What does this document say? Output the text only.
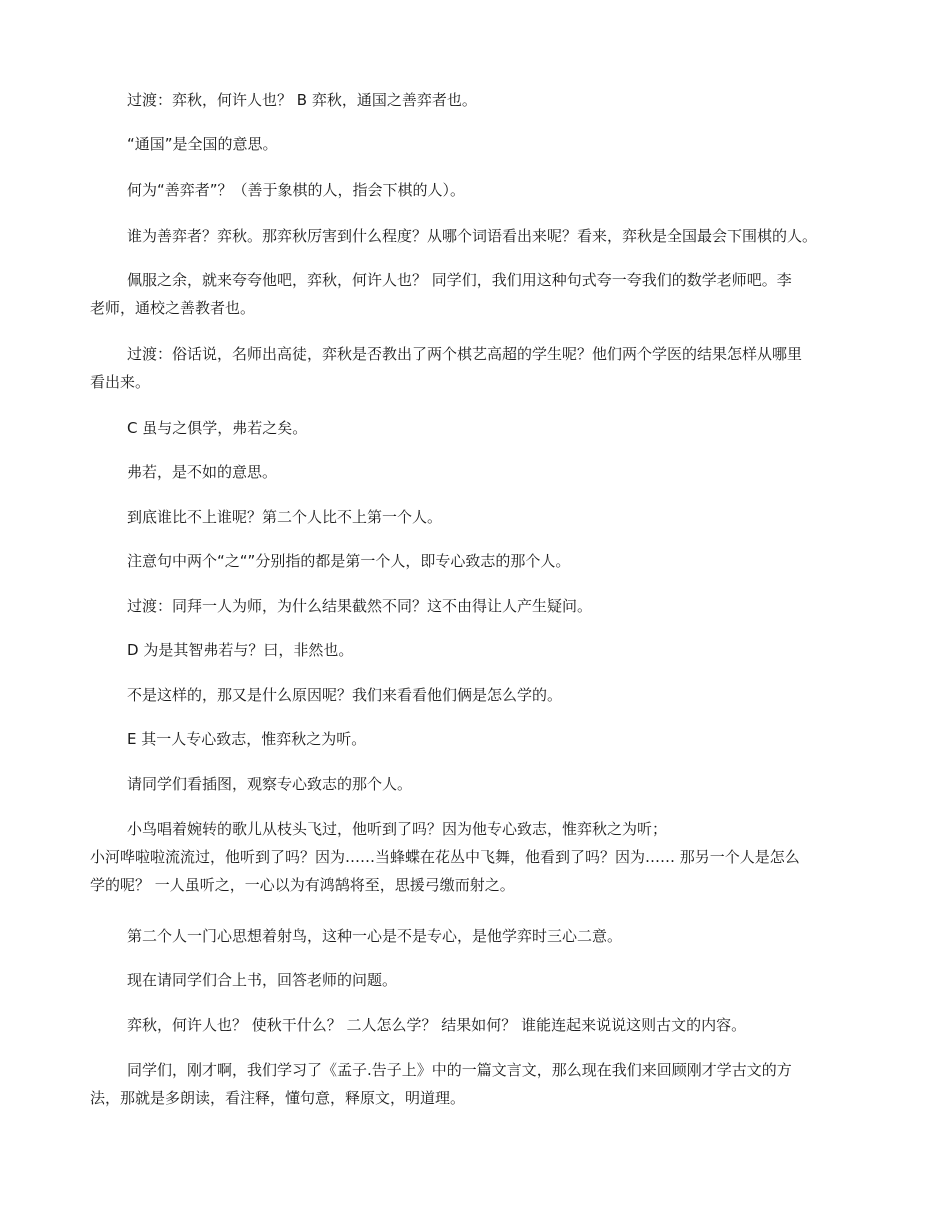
过渡：弈秋，何许人也？ B 弈秋，通国之善弈者也。
“通国”是全国的意思。
何为“善弈者”？（善于象棋的人，指会下棋的人）。
谁为善弈者？弈秋。那弈秋厉害到什么程度？从哪个词语看出来呢？看来，弈秋是全国最会下围棋的人。
佩服之余，就来夸夸他吧，弈秋，何许人也？ 同学们，我们用这种句式夸一夸我们的数学老师吧。李
老师，通校之善教者也。
过渡：俗话说，名师出高徒，弈秋是否教出了两个棋艺高超的学生呢？他们两个学医的结果怎样从哪里
看出来。
C 虽与之俱学，弗若之矣。
弗若，是不如的意思。
到底谁比不上谁呢？第二个人比不上第一个人。
注意句中两个“之“”分别指的都是第一个人，即专心致志的那个人。
过渡：同拜一人为师，为什么结果截然不同？这不由得让人产生疑问。
D 为是其智弗若与？曰，非然也。
不是这样的，那又是什么原因呢？我们来看看他们俩是怎么学的。
E 其一人专心致志，惟弈秋之为听。
请同学们看插图，观察专心致志的那个人。
小鸟唱着婉转的歌儿从枝头飞过，他听到了吗？因为他专心致志，惟弈秋之为听；
小河哗啦啦流流过，他听到了吗？因为……当蜂蝶在花丛中飞舞，他看到了吗？因为…… 那另一个人是怎么
学的呢？ 一人虽听之，一心以为有鸿鹄将至，思援弓缴而射之。
第二个人一门心思想着射鸟，这种一心是不是专心，是他学弈时三心二意。
现在请同学们合上书，回答老师的问题。
弈秋，何许人也？ 使秋干什么？ 二人怎么学？ 结果如何？ 谁能连起来说说这则古文的内容。
同学们，刚才啊，我们学习了《孟子.告子上》中的一篇文言文，那么现在我们来回顾刚才学古文的方
法，那就是多朗读，看注释，懂句意，释原文，明道理。
